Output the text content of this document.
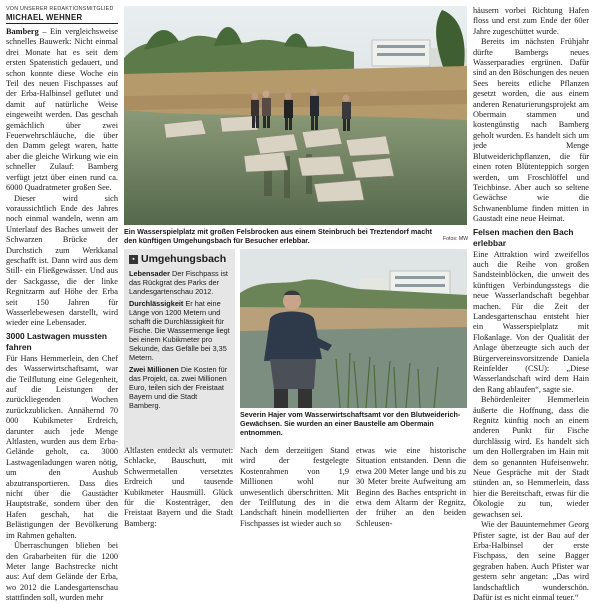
VON UNSERER REDAKTIONSMITGLIED
MICHAEL WEHNER

Bamberg – Ein vergleichsweise schnelles Bauwerk: Nicht einmal drei Monate hat es seit dem ersten Spatenstich gedauert, und schon konnte diese Woche ein Teil des neuen Fischpasses auf der Erba-Halbinsel geflutet und damit auf natürliche Weise eingeweiht werden. Das geschah gemächlich über zwei Feuerwehrschläuche, die über den Damm gelegt waren, hatte aber die gleiche Wirkung wie ein schneller Zulauf: Bamberg verfügt jetzt über einen rund ca. 6000 Quadratmeter großen See.

Dieser wird sich voraussichtlich Ende des Jahres noch einmal wandeln, wenn am Unterlauf des Baches unweit der Schwarzen Brücke der Durchstich zum Werkkanal geschafft ist. Dann wird aus dem Still- ein Fließgewässer. Und aus der Sackgasse, die der linke Regnitzarm auf Höhe der Erba seit 150 Jahren für Wasserlebewesen darstellt, wird wieder eine Lebensader.

3000 Lastwagen mussten fahren

Für Hans Hemmerlein, den Chef des Wasserwirtschaftsamt, war die Teilflutung eine Gelegenheit, auf die Leistungen der zurückliegenden Wochen zurückzublicken. Annähernd 70 000 Kubikmeter Erdreich, darunter auch jede Menge Altlasten, wurden aus dem Erba-Gelände geholt, ca. 3000 Lastwagenladungen waren nötig, um den Aushub abzutransportieren. Dass dies nicht über die Gaustädter Hauptstraße, sondern über den Hafen geschah, hat die Belästigungen der Bevölkerung im Rahmen gehalten.

Überraschungen blieben bei den Grabarbeiten für die 1200 Meter lange Bachstrecke nicht aus: Auf dem Gelände der Erba, wo 2012 die Landesgartenschau stattfinden soll, wurden mehr

Ein Wasserspielplatz mit großen Felsbrocken aus einem Steinbruch bei Treztendorf macht den künftigen Umgehungsbach für Besucher erlebbar.	Fotos: MW
▪ Umgehungsbach
Lebensader Der Fischpass ist das Rückgrat des Parks der Landesgartenschau 2012.
Durchlässigkeit Er hat eine Länge von 1200 Metern und schafft die Durchlässigkeit für Fische. Die Wassermenge liegt bei einem Kubikmeter pro Sekunde, das Gefälle bei 3,35 Metern.
Zwei Millionen Die Kosten für das Projekt, ca. zwei Millionen Euro, teilen sich der Freistaat Bayern und die Stadt Bamberg.
Severin Hajer vom Wasserwirtschaftsamt vor den Blutweiderich-Gewächsen. Sie wurden an einer Baustelle am Obermain entnommen.

Altlasten entdeckt als vermutet: Schlacke, Bauschutt, mit Schwermetallen versetztes Erdreich und tausende Kubikmeter Hausmüll. Glück für die Kostenträger, den Freistaat Bayern und die Stadt Bamberg:

Nach dem derzeitigen Stand wird der festgelegte Kostenrahmen von 1,9 Millionen wohl nur unwesentlich überschritten. Mit der Teilflutung des in die Landschaft hinein modellierten Fischpasses ist wieder auch so

etwas wie eine historische Situation entstanden. Denn die etwa 200 Meter lange und bis zu 30 Meter breite Aufweitung am Beginn des Baches entspricht in etwa dem Altarm der Regnitz, der früher an den beiden Schleusen-

häusern vorbei Richtung Hafen floss und erst zum Ende der 60er Jahre zugeschüttet wurde.

Bereits im nächsten Frühjahr dürfte Bambergs neues Wasserparadies ergrünen. Dafür sind an den Böschungen des neuen Sees bereits etliche Pflanzen gesetzt worden, die aus einem anderen Renaturierungsprojekt am Obermain stammen und kostengünstig nach Bamberg geholt wurden. Es handelt sich um jede Menge Blutweiderichpflanzen, die für einen roten Blütenteppich sorgen werden, um Froschlöffel und Teichbinse. Aber auch so seltene Gewächse wie die Schwanenblume finden mitten in Gaustadt eine neue Heimat.

Felsen machen den Bach erlebbar

Eine Attraktion wird zweifellos auch die Reihe von großen Sandsteinblöcken, die unweit des künftigen Verbindungsstegs die neue Wasserlandschaft begehbar machen. Für die Zeit der Landesgartenschau entsteht hier ein Wasserspielplatz mit Floßanlage. Von der Qualität der Anlage überzeugte sich auch der Bürgervereinsvorsitzende Daniela Reinfelder (CSU): „Diese Wasserlandschaft wird dem Hain den Rang ablaufen“, sagte sie.

Behördenleiter Hemmerlein äußerte die Hoffnung, dass die Regnitz künftig noch an einem anderen Punkt für Fische durchlässig wird. Es handelt sich um den Hollergraben im Hain mit dem so genannten Hufeisenwehr. Neue Gespräche mit der Stadt stünden an, so Hemmerlein, dass hier die Bereitschaft, etwas für die Ökologie zu tun, wieder gewachsen sei.

Wie der Bauunternehmer Georg Pfister sagte, ist der Bau auf der Erba-Halbinsel der erste Fischpass, den seine Bagger gegraben haben. Auch Pfister war gestern sehr angetan: „Das wird landschaftlich wunderschön. Dafür ist es nicht einmal teuer.“
